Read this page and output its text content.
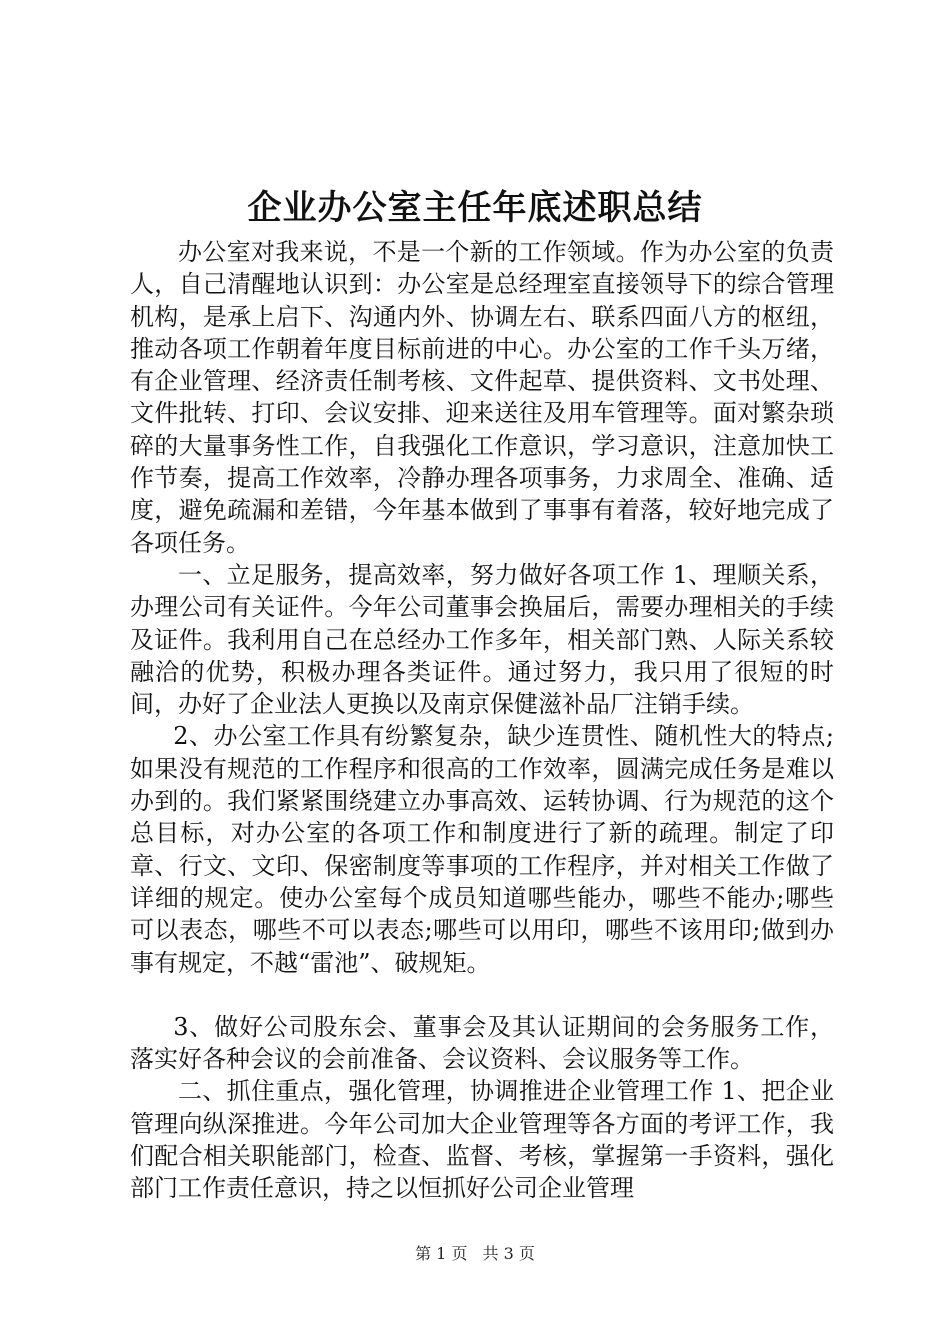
企业办公室主任年底述职总结

办公室对我来说，不是一个新的工作领域。作为办公室的负责人，自己清醒地认识到：办公室是总经理室直接领导下的综合管理机构，是承上启下、沟通内外、协调左右、联系四面八方的枢纽，推动各项工作朝着年度目标前进的中心。办公室的工作千头万绪，有企业管理、经济责任制考核、文件起草、提供资料、文书处理、文件批转、打印、会议安排、迎来送往及用车管理等。面对繁杂琐碎的大量事务性工作，自我强化工作意识，学习意识，注意加快工作节奏，提高工作效率，冷静办理各项事务，力求周全、准确、适度，避免疏漏和差错，今年基本做到了事事有着落，较好地完成了各项任务。

一、立足服务，提高效率，努力做好各项工作 1、理顺关系，办理公司有关证件。今年公司董事会换届后，需要办理相关的手续及证件。我利用自己在总经办工作多年，相关部门熟、人际关系较融洽的优势，积极办理各类证件。通过努力，我只用了很短的时间，办好了企业法人更换以及南京保健滋补品厂注销手续。

2、办公室工作具有纷繁复杂，缺少连贯性、随机性大的特点;如果没有规范的工作程序和很高的工作效率，圆满完成任务是难以办到的。我们紧紧围绕建立办事高效、运转协调、行为规范的这个总目标，对办公室的各项工作和制度进行了新的疏理。制定了印章、行文、文印、保密制度等事项的工作程序，并对相关工作做了详细的规定。使办公室每个成员知道哪些能办，哪些不能办;哪些可以表态，哪些不可以表态;哪些可以用印，哪些不该用印;做到办事有规定，不越“雷池”、破规矩。

3、做好公司股东会、董事会及其认证期间的会务服务工作，落实好各种会议的会前准备、会议资料、会议服务等工作。

二、抓住重点，强化管理，协调推进企业管理工作 1、把企业管理向纵深推进。今年公司加大企业管理等各方面的考评工作，我们配合相关职能部门，检查、监督、考核，掌握第一手资料，强化部门工作责任意识，持之以恒抓好公司企业管理

第 1 页 共 3 页
